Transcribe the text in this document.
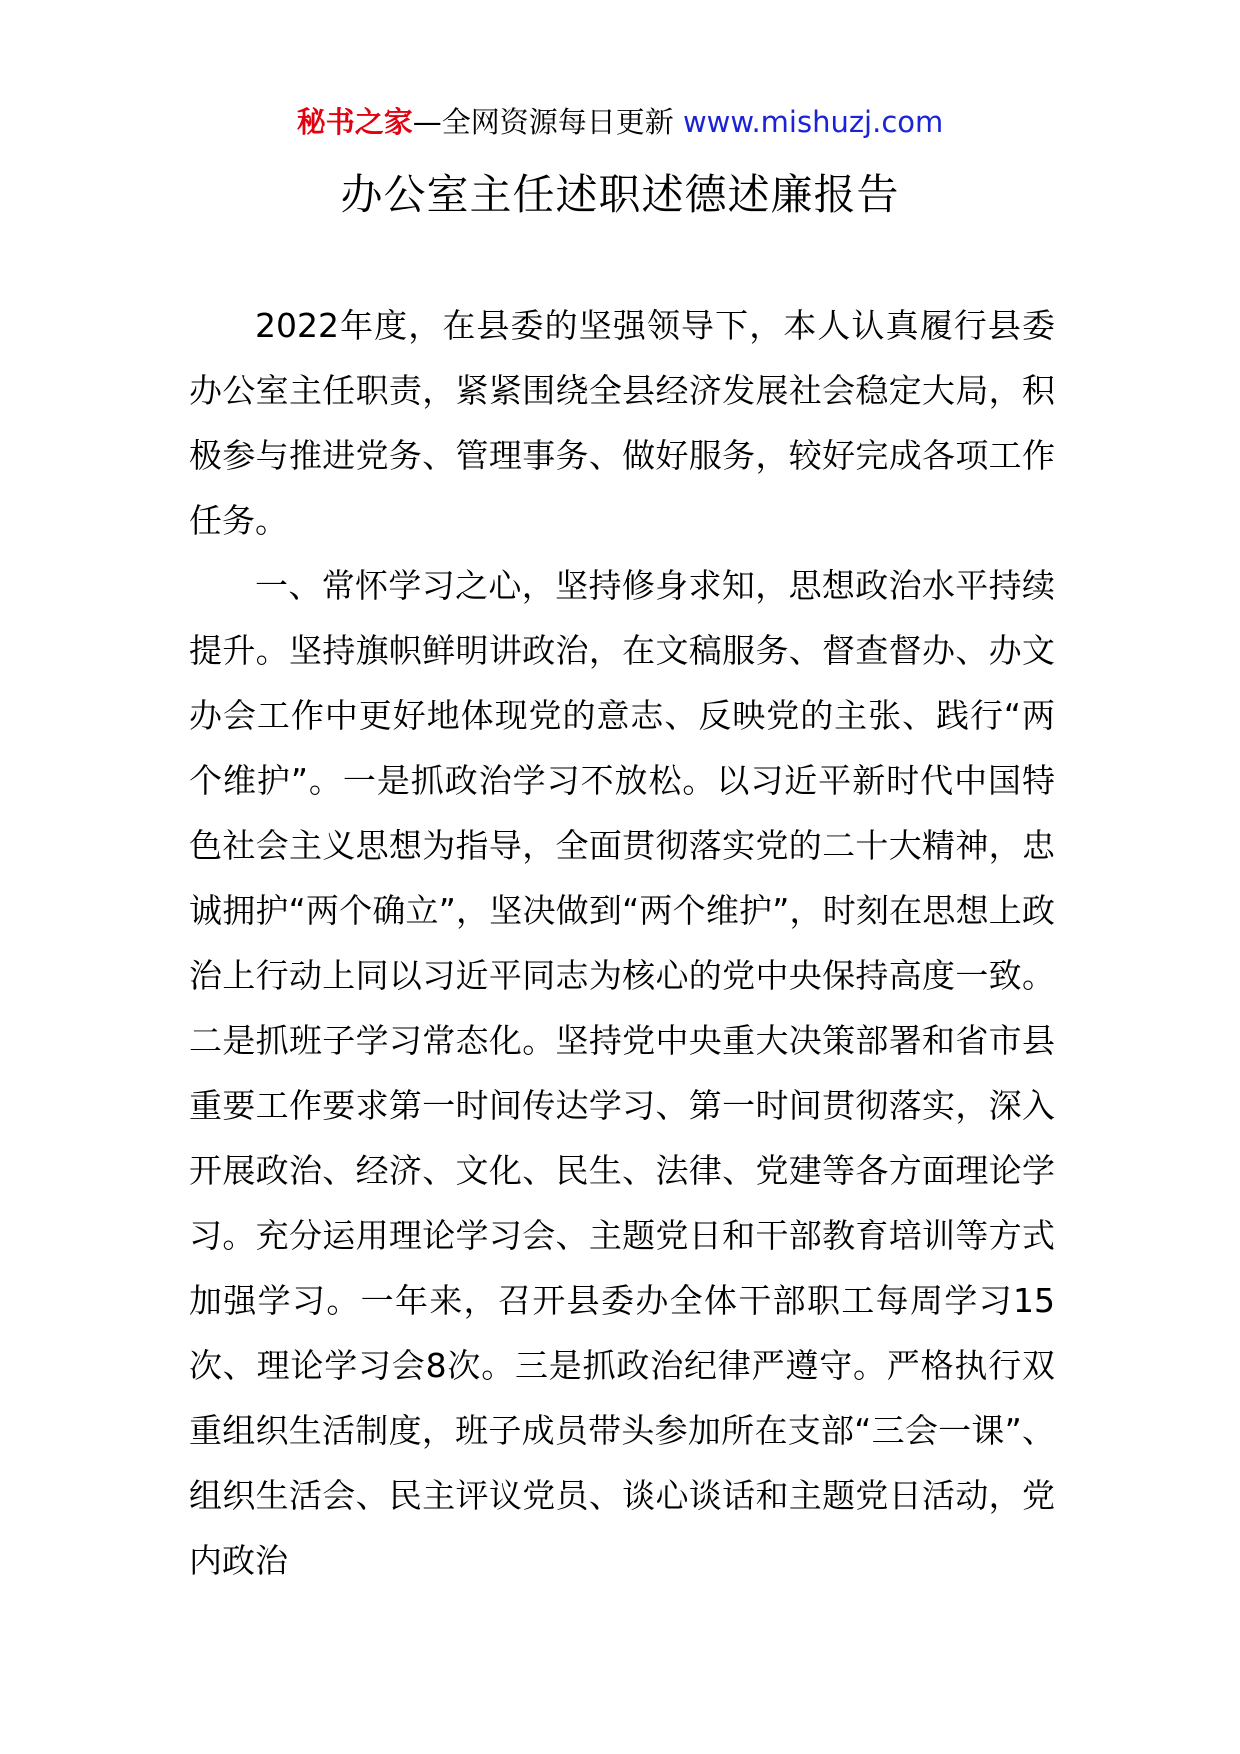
秘书之家—全网资源每日更新 www.mishuzj.com
办公室主任述职述德述廉报告

2022年度，在县委的坚强领导下，本人认真履行县委办公室主任职责，紧紧围绕全县经济发展社会稳定大局，积极参与推进党务、管理事务、做好服务，较好完成各项工作任务。

一、常怀学习之心，坚持修身求知，思想政治水平持续提升。坚持旗帜鲜明讲政治，在文稿服务、督查督办、办文办会工作中更好地体现党的意志、反映党的主张、践行“两个维护”。一是抓政治学习不放松。以习近平新时代中国特色社会主义思想为指导，全面贯彻落实党的二十大精神，忠诚拥护“两个确立”，坚决做到“两个维护”，时刻在思想上政治上行动上同以习近平同志为核心的党中央保持高度一致。二是抓班子学习常态化。坚持党中央重大决策部署和省市县重要工作要求第一时间传达学习、第一时间贯彻落实，深入开展政治、经济、文化、民生、法律、党建等各方面理论学习。充分运用理论学习会、主题党日和干部教育培训等方式加强学习。一年来，召开县委办全体干部职工每周学习15次、理论学习会8次。三是抓政治纪律严遵守。严格执行双重组织生活制度，班子成员带头参加所在支部“三会一课”、组织生活会、民主评议党员、谈心谈话和主题党日活动，党内政治
